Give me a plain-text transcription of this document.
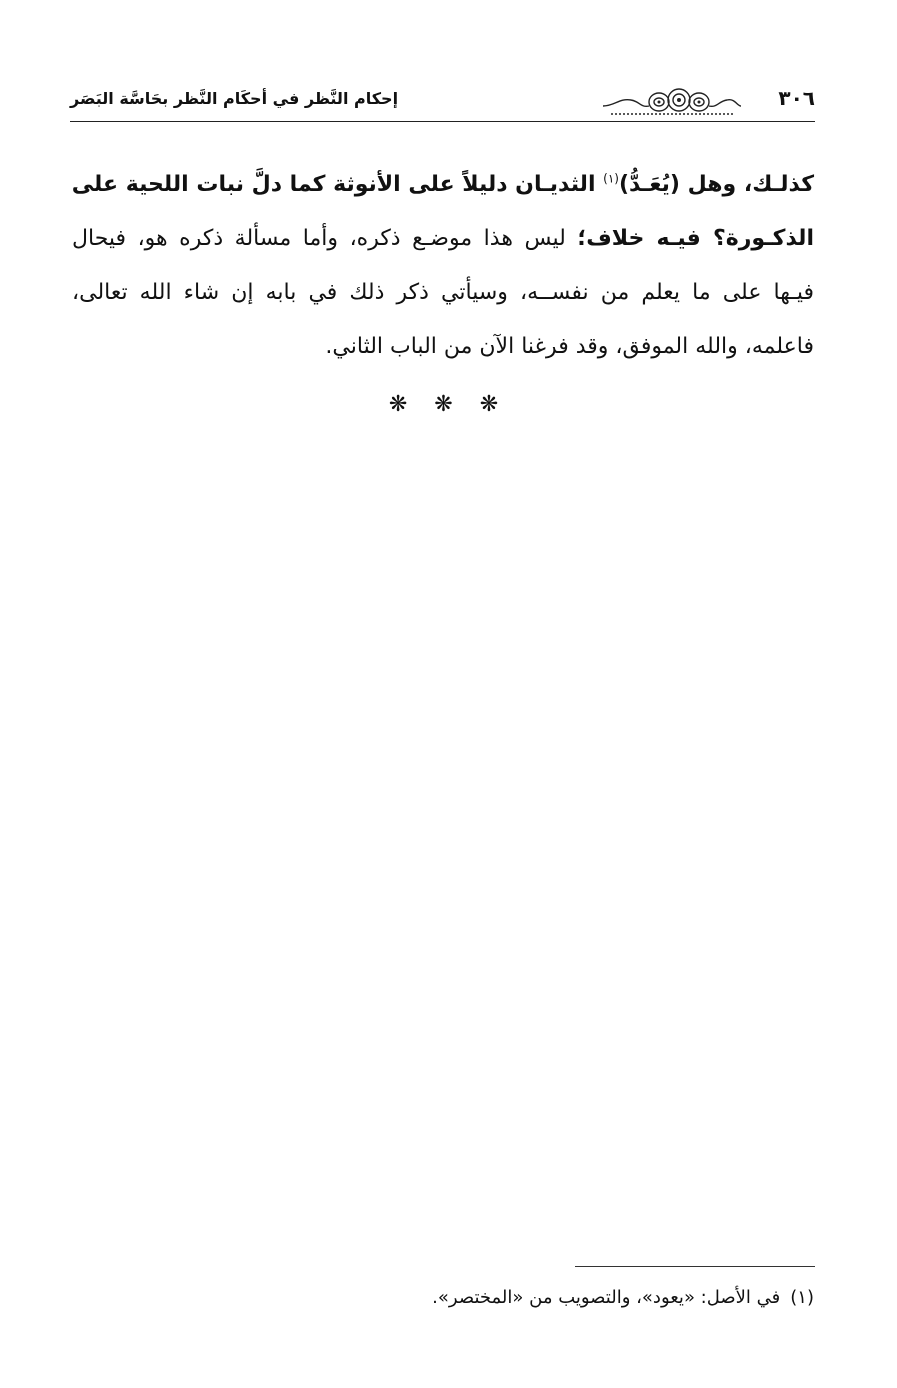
٣٠٦
إحكام النَّظر في أحكَام النَّظر بحَاسَّة البَصَر
كذلـك، وهل (يُعَـدُّ)$^{(١)}$ الثديـان دليلاً على الأنوثة كما دلَّ نبات اللحية على
الذكـورة؟ فيـه خلاف؛ ليس هذا موضـع ذكره، وأما مسألة ذكره هو، فيحال
فيـها على ما يعلم من نفســه، وسيأتي ذكر ذلك في بابه إن شاء الله تعالى،
فاعلمه، والله الموفق، وقد فرغنا الآن من الباب الثاني.
❋ ❋ ❋
(١)في الأصل: «يعود»، والتصويب من «المختصر».
